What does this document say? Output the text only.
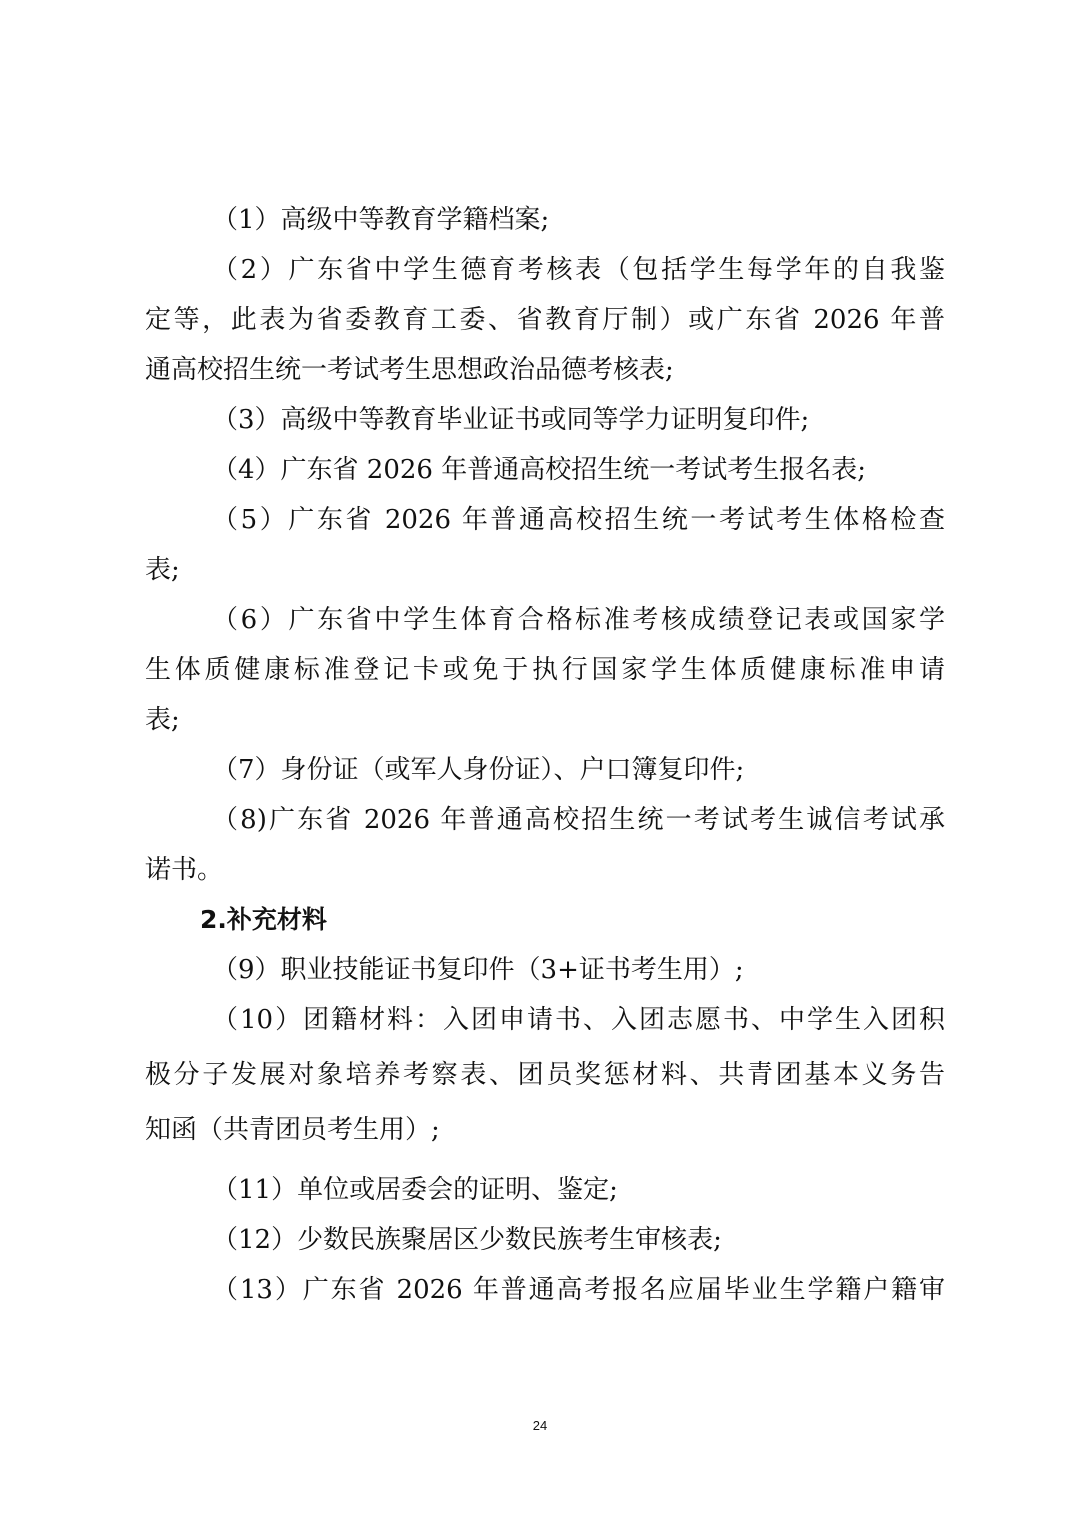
（1）高级中等教育学籍档案;
（2）广东省中学生德育考核表（包括学生每学年的自我鉴
定等，此表为省委教育工委、省教育厅制）或广东省 2026 年普
通高校招生统一考试考生思想政治品德考核表;
（3）高级中等教育毕业证书或同等学力证明复印件;
（4）广东省 2026 年普通高校招生统一考试考生报名表;
（5）广东省 2026 年普通高校招生统一考试考生体格检查
表;
（6）广东省中学生体育合格标准考核成绩登记表或国家学
生体质健康标准登记卡或免于执行国家学生体质健康标准申请
表;
（7）身份证（或军人身份证）、户口簿复印件;
（8)广东省 2026 年普通高校招生统一考试考生诚信考试承
诺书。
2.补充材料
（9）职业技能证书复印件（3+证书考生用）;
（10）团籍材料：入团申请书、入团志愿书、中学生入团积
极分子发展对象培养考察表、团员奖惩材料、共青团基本义务告
知函（共青团员考生用）;
（11）单位或居委会的证明、鉴定;
（12）少数民族聚居区少数民族考生审核表;
（13）广东省 2026 年普通高考报名应届毕业生学籍户籍审
24
